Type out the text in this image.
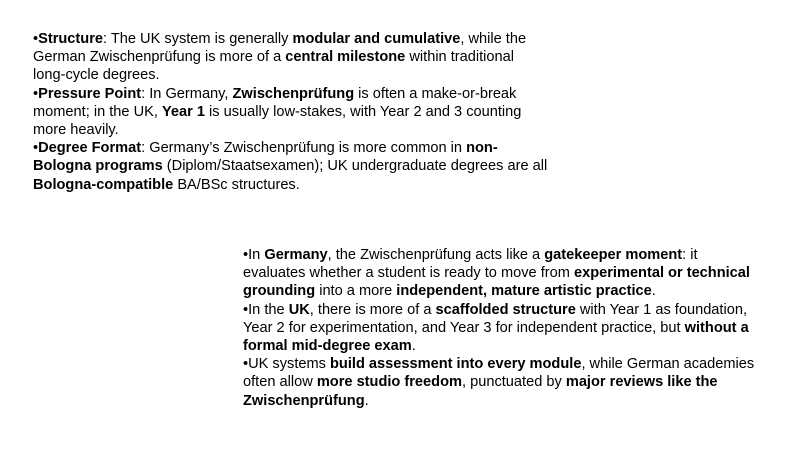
•Structure: The UK system is generally modular and cumulative, while the German Zwischenprüfung is more of a central milestone within traditional long-cycle degrees.

•Pressure Point: In Germany, Zwischenprüfung is often a make-or-break moment; in the UK, Year 1 is usually low-stakes, with Year 2 and 3 counting more heavily.

•Degree Format: Germany’s Zwischenprüfung is more common in non-Bologna programs (Diplom/Staatsexamen); UK undergraduate degrees are all Bologna-compatible BA/BSc structures.

•In Germany, the Zwischenprüfung acts like a gatekeeper moment: it evaluates whether a student is ready to move from experimental or technical grounding into a more independent, mature artistic practice.

•In the UK, there is more of a scaffolded structure with Year 1 as foundation, Year 2 for experimentation, and Year 3 for independent practice, but without a formal mid-degree exam.

•UK systems build assessment into every module, while German academies often allow more studio freedom, punctuated by major reviews like the Zwischenprüfung.
